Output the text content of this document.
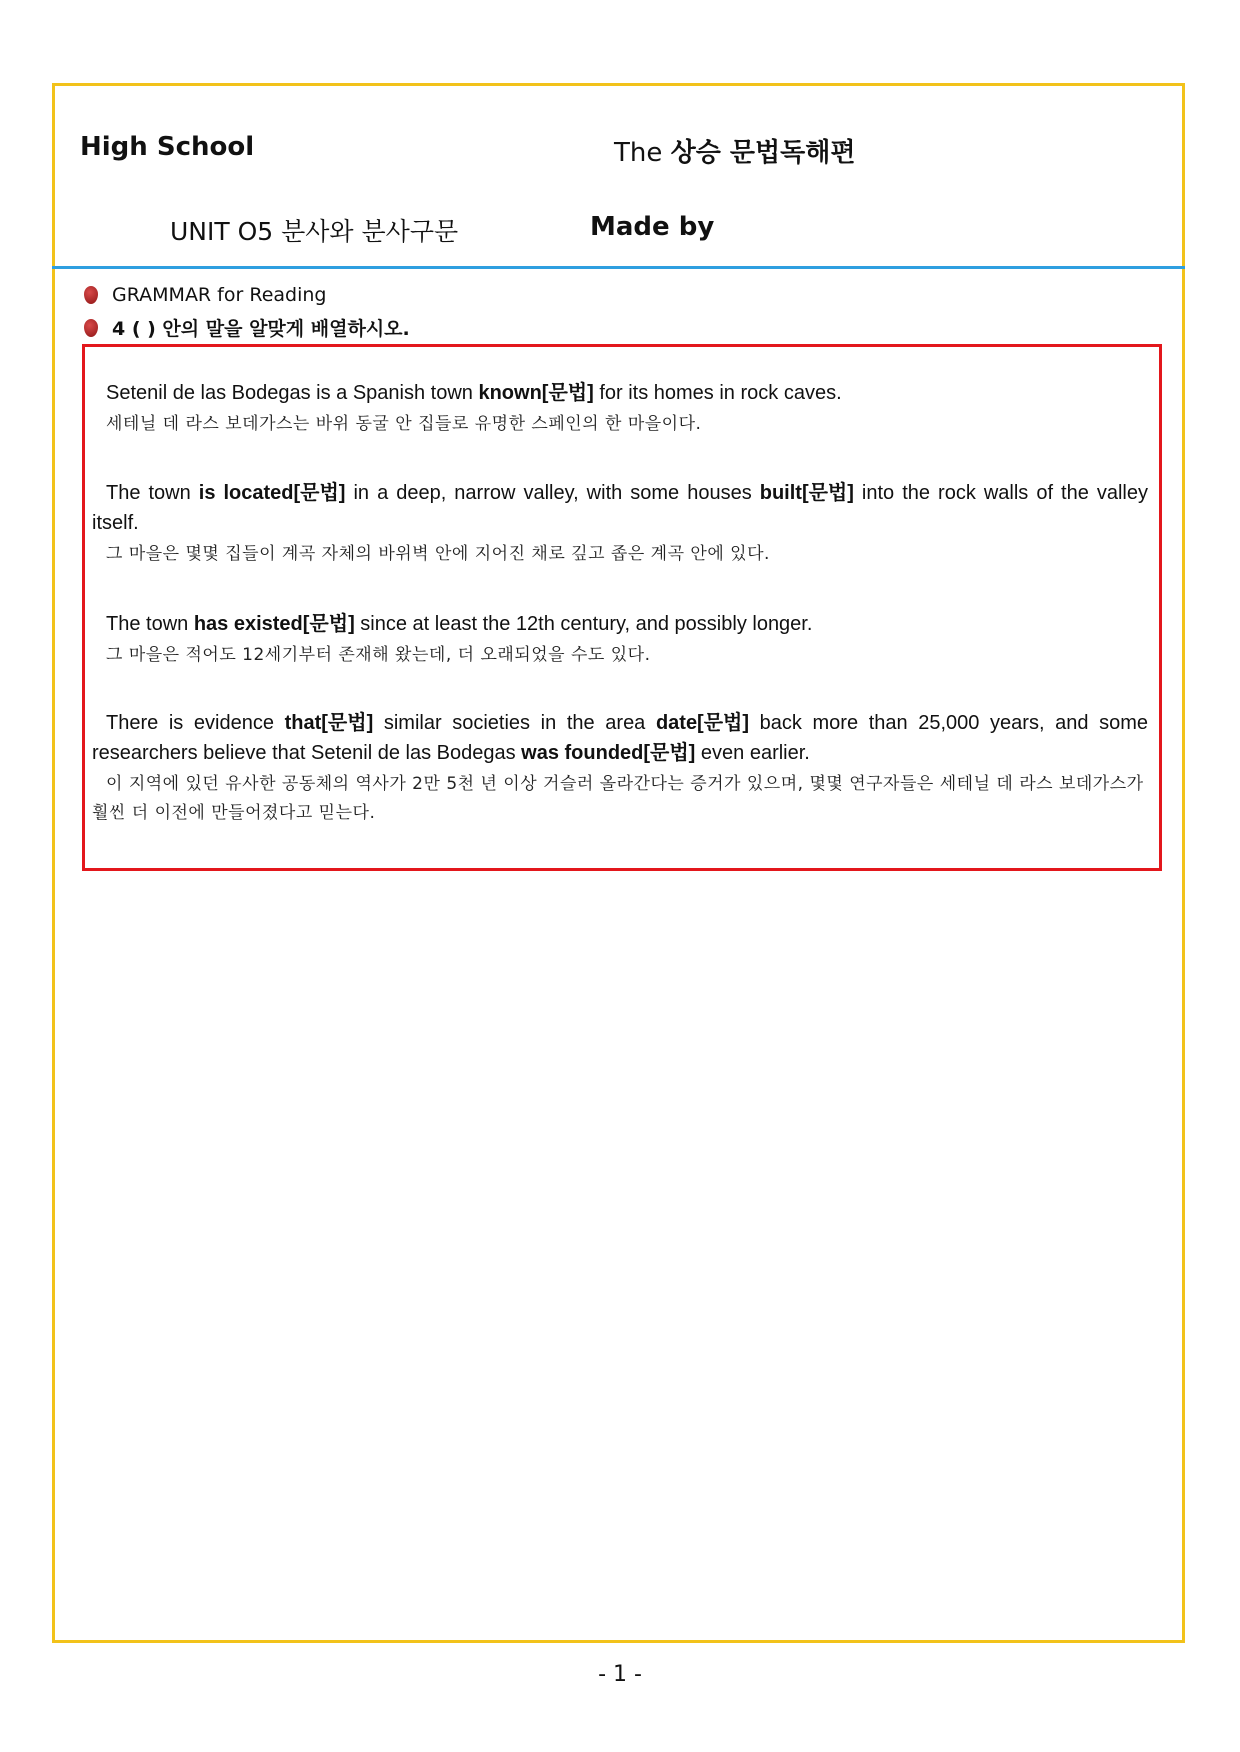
High School	The 상승 문법독해편
UNIT O5 분사와 분사구문	Made by
GRAMMAR for Reading
4 ( ) 안의 말을 알맞게 배열하시오.
Setenil de las Bodegas is a Spanish town known[문법] for its homes in rock caves.
세테닐 데 라스 보데가스는 바위 동굴 안 집들로 유명한 스페인의 한 마을이다.
The town is located[문법] in a deep, narrow valley, with some houses built[문법] into the rock walls of the valley itself.
그 마을은 몇몇 집들이 계곡 자체의 바위벽 안에 지어진 채로 깊고 좁은 계곡 안에 있다.
The town has existed[문법] since at least the 12th century, and possibly longer.
그 마을은 적어도 12세기부터 존재해 왔는데, 더 오래되었을 수도 있다.
There is evidence that[문법] similar societies in the area date[문법] back more than 25,000 years, and some researchers believe that Setenil de las Bodegas was founded[문법] even earlier.
이 지역에 있던 유사한 공동체의 역사가 2만 5천 년 이상 거슬러 올라간다는 증거가 있으며, 몇몇 연구자들은 세테닐 데 라스 보데가스가 훨씬 더 이전에 만들어졌다고 믿는다.
- 1 -
